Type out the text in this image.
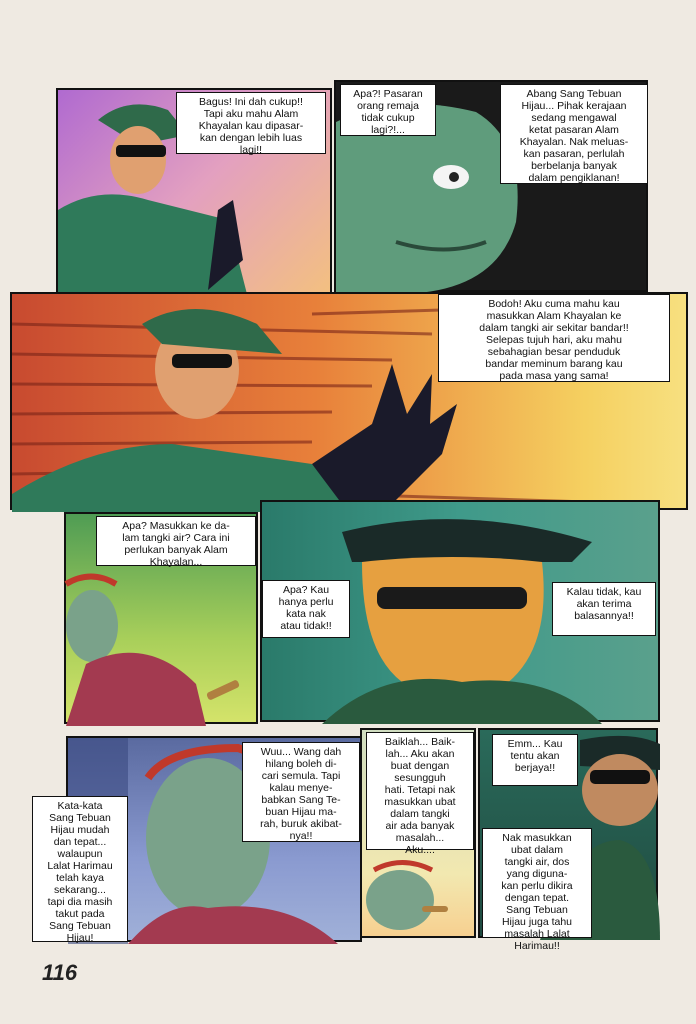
Bagus! Ini dah cukup!!
Tapi aku mahu Alam
Khayalan kau dipasar-
kan dengan lebih luas
lagi!!
Apa?! Pasaran
orang remaja
tidak cukup
lagi?!...
Abang Sang Tebuan
Hijau... Pihak kerajaan
sedang mengawal
ketat pasaran Alam
Khayalan. Nak meluas-
kan pasaran, perlulah
berbelanja banyak
dalam pengiklanan!
Bodoh! Aku cuma mahu kau
masukkan Alam Khayalan ke
dalam tangki air sekitar bandar!!
Selepas tujuh hari, aku mahu
sebahagian besar penduduk
bandar meminum barang kau
pada masa yang sama!
Apa? Masukkan ke da-
lam tangki air? Cara ini
perlukan banyak Alam
Khayalan...
Apa? Kau
hanya perlu
kata nak
atau tidak!!
Kalau tidak, kau
akan terima
balasannya!!
Kata-kata
Sang Tebuan
Hijau mudah
dan tepat...
walaupun
Lalat Harimau
telah kaya
sekarang...
tapi dia masih
takut pada
Sang Tebuan
Hijau!
Wuu... Wang dah
hilang boleh di-
cari semula. Tapi
kalau menye-
babkan Sang Te-
buan Hijau ma-
rah, buruk akibat-
nya!!
Baiklah... Baik-
lah... Aku akan
buat dengan
sesungguh
hati. Tetapi nak
masukkan ubat
dalam tangki
air ada banyak
masalah...
Aku....
Emm... Kau
tentu akan
berjaya!!
Nak masukkan
ubat dalam
tangki air, dos
yang diguna-
kan perlu dikira
dengan tepat.
Sang Tebuan
Hijau juga tahu
masalah Lalat
Harimau!!
116
